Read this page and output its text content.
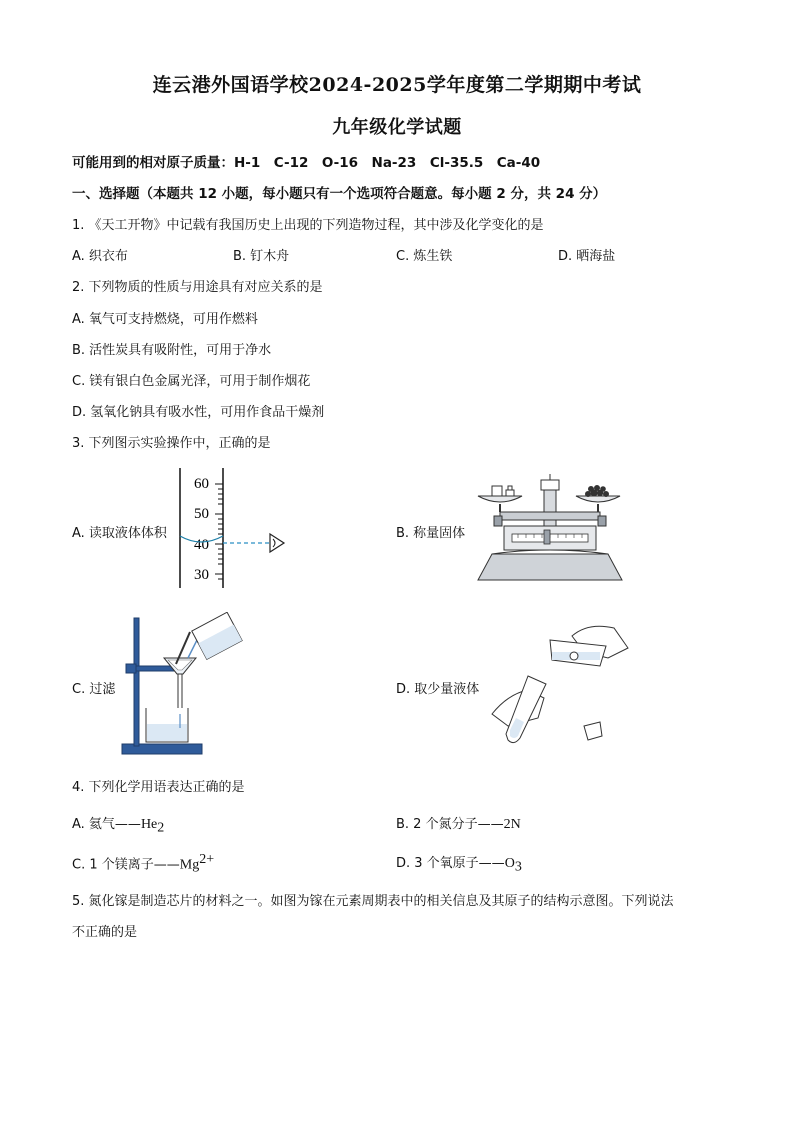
连云港外国语学校2024-2025学年度第二学期期中考试
九年级化学试题
可能用到的相对原子质量：H-1　C-12　O-16　Na-23　Cl-35.5　Ca-40
一、选择题（本题共 12 小题，每小题只有一个选项符合题意。每小题 2 分，共 24 分）
1. 《天工开物》中记载有我国历史上出现的下列造物过程，其中涉及化学变化的是
A. 织衣布	B. 钉木舟	C. 炼生铁	D. 晒海盐
2. 下列物质的性质与用途具有对应关系的是
A. 氧气可支持燃烧，可用作燃料
B. 活性炭具有吸附性，可用于净水
C. 镁有银白色金属光泽，可用于制作烟花
D. 氢氧化钠具有吸水性，可用作食品干燥剂
3. 下列图示实验操作中，正确的是
A. 读取液体体积	B. 称量固体
C. 过滤	D. 取少量液体
60
50
40
30
4. 下列化学用语表达正确的是
A. 氦气$——He_2$	B. 2 个氮分子——2N
C. 1 个镁离子$——Mg^{2+}$	D. 3 个氧原子$——O_3$
5. 氮化镓是制造芯片的材料之一。如图为镓在元素周期表中的相关信息及其原子的结构示意图。下列说法
不正确的是
